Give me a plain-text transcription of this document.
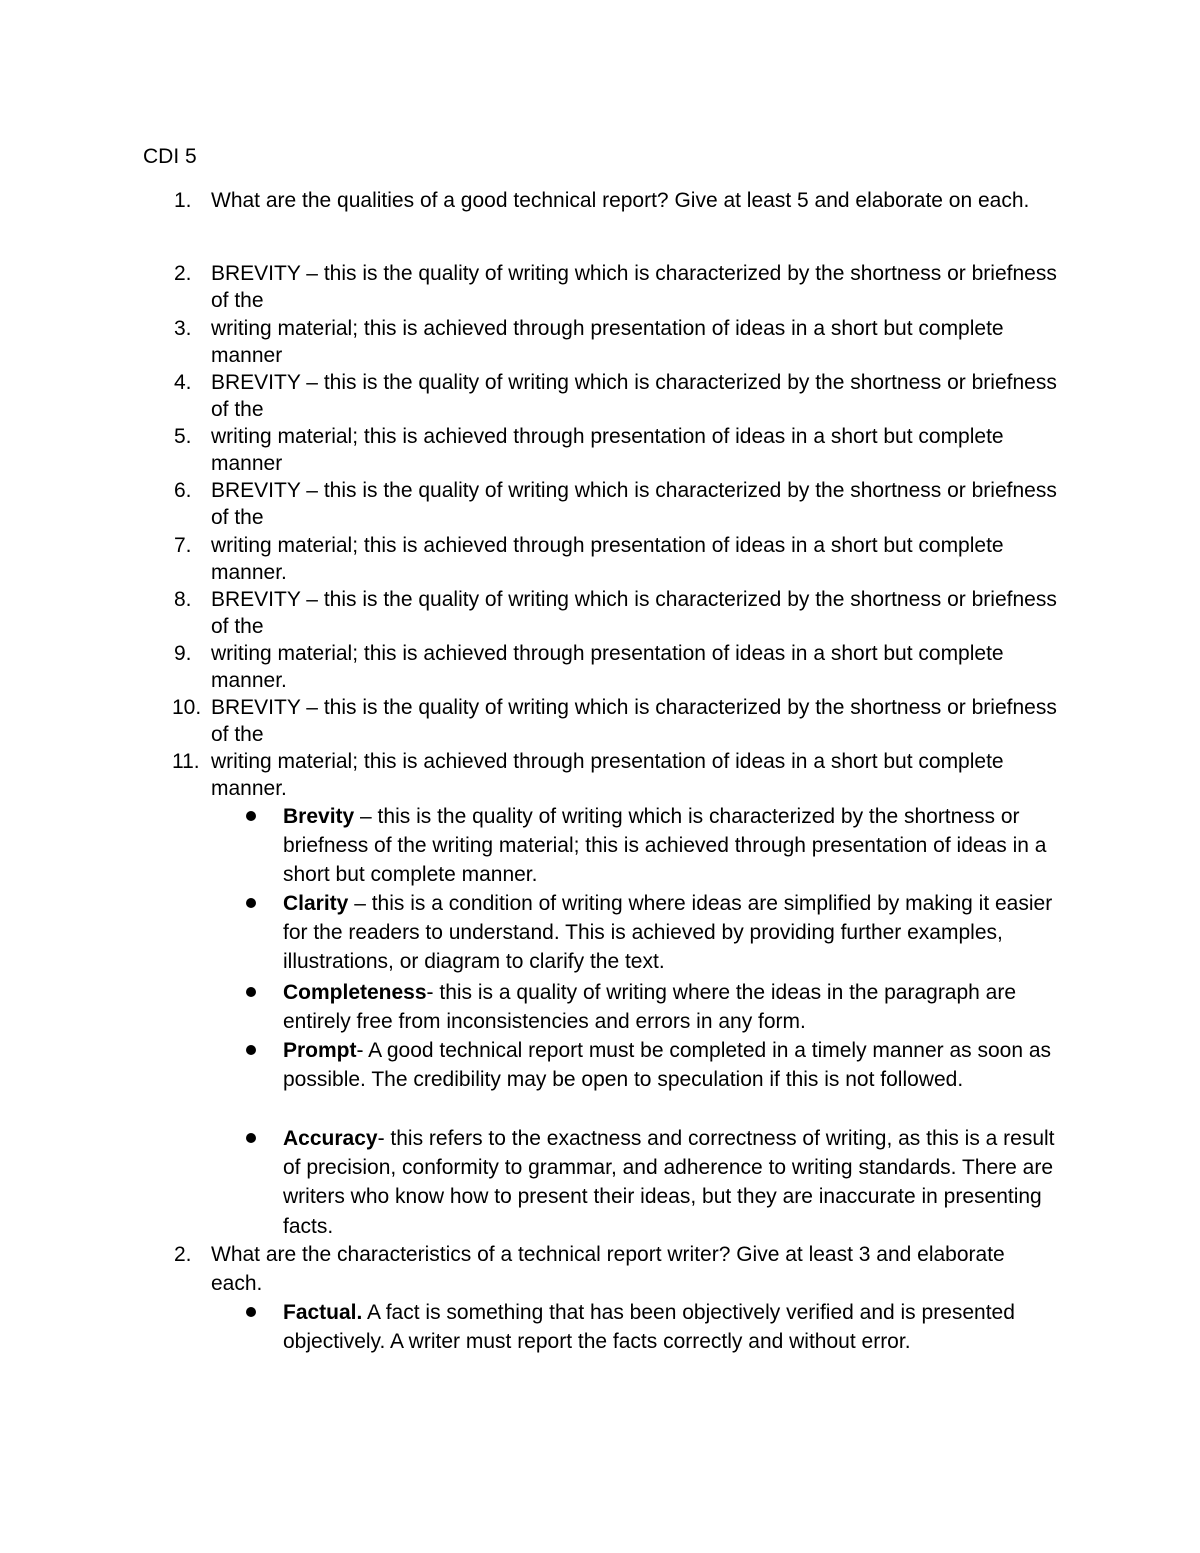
CDI 5

1. What are the qualities of a good technical report? Give at least 5 and elaborate on each.
2. BREVITY – this is the quality of writing which is characterized by the shortness or briefness of the
3. writing material; this is achieved through presentation of ideas in a short but complete manner
4. BREVITY – this is the quality of writing which is characterized by the shortness or briefness of the
5. writing material; this is achieved through presentation of ideas in a short but complete manner
6. BREVITY – this is the quality of writing which is characterized by the shortness or briefness of the
7. writing material; this is achieved through presentation of ideas in a short but complete manner.
8. BREVITY – this is the quality of writing which is characterized by the shortness or briefness of the
9. writing material; this is achieved through presentation of ideas in a short but complete manner.
10. BREVITY – this is the quality of writing which is characterized by the shortness or briefness of the
11. writing material; this is achieved through presentation of ideas in a short but complete manner.
Brevity – this is the quality of writing which is characterized by the shortness or briefness of the writing material; this is achieved through presentation of ideas in a short but complete manner.
Clarity – this is a condition of writing where ideas are simplified by making it easier for the readers to understand. This is achieved by providing further examples, illustrations, or diagram to clarify the text.
Completeness- this is a quality of writing where the ideas in the paragraph are entirely free from inconsistencies and errors in any form.
Prompt- A good technical report must be completed in a timely manner as soon as possible. The credibility may be open to speculation if this is not followed.
Accuracy- this refers to the exactness and correctness of writing, as this is a result of precision, conformity to grammar, and adherence to writing standards. There are writers who know how to present their ideas, but they are inaccurate in presenting facts.
2. What are the characteristics of a technical report writer? Give at least 3 and elaborate each.
Factual. A fact is something that has been objectively verified and is presented objectively. A writer must report the facts correctly and without error.
